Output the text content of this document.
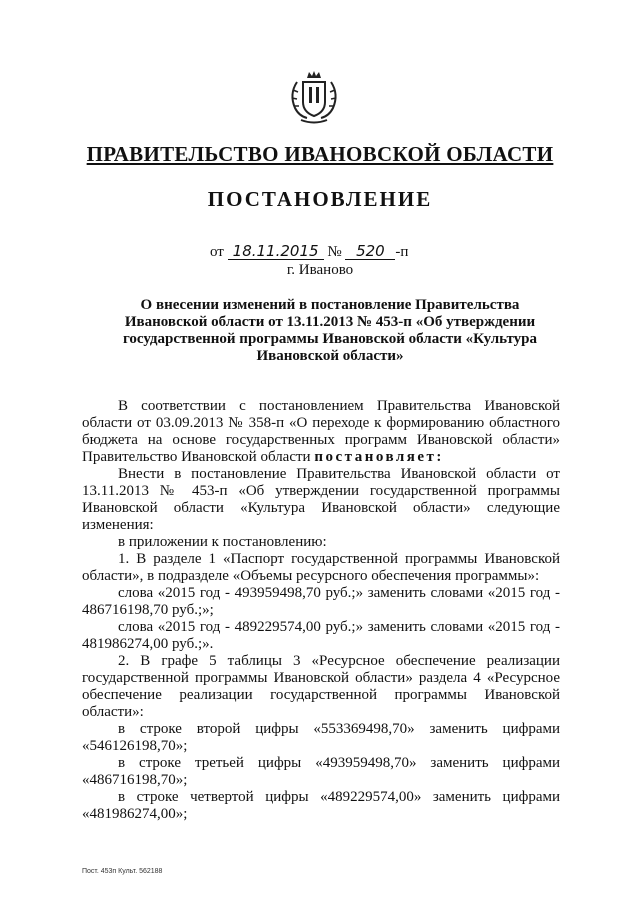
ПРАВИТЕЛЬСТВО ИВАНОВСКОЙ ОБЛАСТИ
ПОСТАНОВЛЕНИЕ
от 18.11.2015 № 520 -п
г. Иваново
О внесении изменений в постановление Правительства Ивановской области от 13.11.2013 № 453-п «Об утверждении государственной программы Ивановской области «Культура Ивановской области»

В соответствии с постановлением Правительства Ивановской области от 03.09.2013 № 358-п «О переходе к формированию областного бюджета на основе государственных программ Ивановской области» Правительство Ивановской области постановляет:

Внести в постановление Правительства Ивановской области от 13.11.2013 № 453-п «Об утверждении государственной программы Ивановской области «Культура Ивановской области» следующие изменения:

в приложении к постановлению:

1. В разделе 1 «Паспорт государственной программы Ивановской области», в подразделе «Объемы ресурсного обеспечения программы»:

слова «2015 год - 493959498,70 руб.;» заменить словами «2015 год - 486716198,70 руб.;»;

слова «2015 год - 489229574,00 руб.;» заменить словами «2015 год - 481986274,00 руб.;».

2. В графе 5 таблицы 3 «Ресурсное обеспечение реализации государственной программы Ивановской области» раздела 4 «Ресурсное обеспечение реализации государственной программы Ивановской области»:

в строке второй цифры «553369498,70» заменить цифрами «546126198,70»;

в строке третьей цифры «493959498,70» заменить цифрами «486716198,70»;

в строке четвертой цифры «489229574,00» заменить цифрами «481986274,00»;

Пост. 453п Культ. 562188
